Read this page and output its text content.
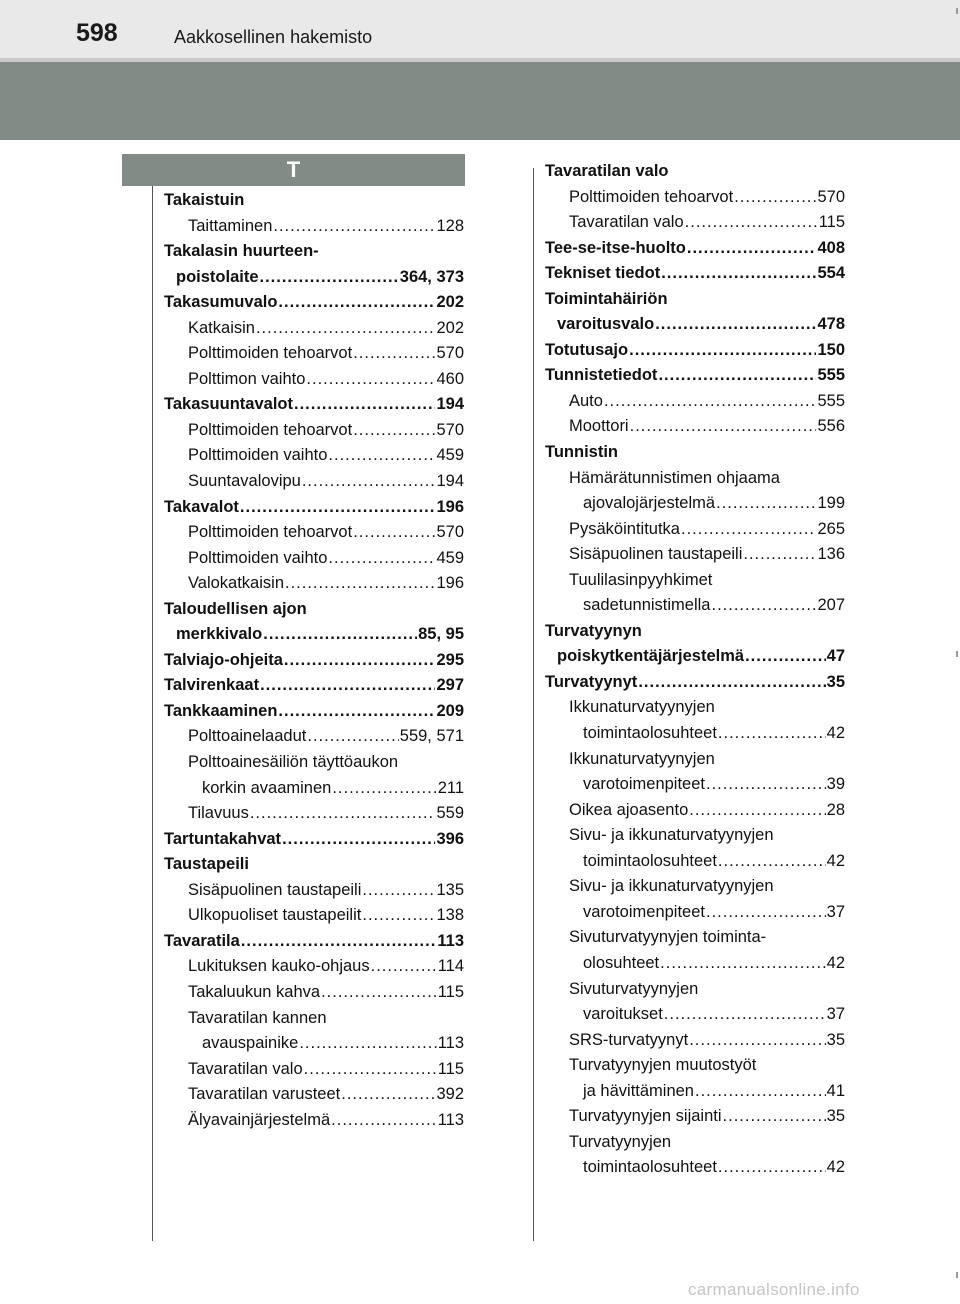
598	Aakkosellinen hakemisto
T
Takaistuin
Taittaminen .....	128
Takalasin huurteen-
poistolaite .....	364, 373
Takasumuvalo .....	202
Katkaisin .....	202
Polttimoiden tehoarvot .....	570
Polttimon vaihto .....	460
Takasuuntavalot .....	194
Polttimoiden tehoarvot .....	570
Polttimoiden vaihto .....	459
Suuntavalovipu .....	194
Takavalot .....	196
Polttimoiden tehoarvot .....	570
Polttimoiden vaihto .....	459
Valokatkaisin .....	196
Taloudellisen ajon
merkkivalo .....	85, 95
Talviajo-ohjeita .....	295
Talvirenkaat .....	297
Tankkaaminen .....	209
Polttoainelaadut .....	559, 571
Polttoainesäiliön täyttöaukon
korkin avaaminen .....	211
Tilavuus .....	559
Tartuntakahvat .....	396
Taustapeili
Sisäpuolinen taustapeili .....	135
Ulkopuoliset taustapeilit .....	138
Tavaratila .....	113
Lukituksen kauko-ohjaus .....	114
Takaluukun kahva .....	115
Tavaratilan kannen
avauspainike .....	113
Tavaratilan valo .....	115
Tavaratilan varusteet .....	392
Älyavainjärjestelmä .....	113
Tavaratilan valo
Polttimoiden tehoarvot .....	570
Tavaratilan valo .....	115
Tee-se-itse-huolto .....	408
Tekniset tiedot .....	554
Toimintahäiriön
varoitusvalo .....	478
Totutusajo .....	150
Tunnistetiedot .....	555
Auto .....	555
Moottori .....	556
Tunnistin
Hämärätunnistimen ohjaama
ajovalojärjestelmä .....	199
Pysäköintitutka .....	265
Sisäpuolinen taustapeili .....	136
Tuulilasinpyyhkimet
sadetunnistimella .....	207
Turvatyynyn
poiskytkentäjärjestelmä .....	47
Turvatyynyt .....	35
Ikkunaturvatyynyjen
toimintaolosuhteet .....	42
Ikkunaturvatyynyjen
varotoimenpiteet .....	39
Oikea ajoasento .....	28
Sivu- ja ikkunaturvatyynyjen
toimintaolosuhteet .....	42
Sivu- ja ikkunaturvatyynyjen
varotoimenpiteet .....	37
Sivuturvatyynyjen toiminta-
olosuhteet .....	42
Sivuturvatyynyjen
varoitukset .....	37
SRS-turvatyynyt .....	35
Turvatyynyjen muutostyöt
ja hävittäminen .....	41
Turvatyynyjen sijainti .....	35
Turvatyynyjen
toimintaolosuhteet .....	42
carmanualsonline.info
